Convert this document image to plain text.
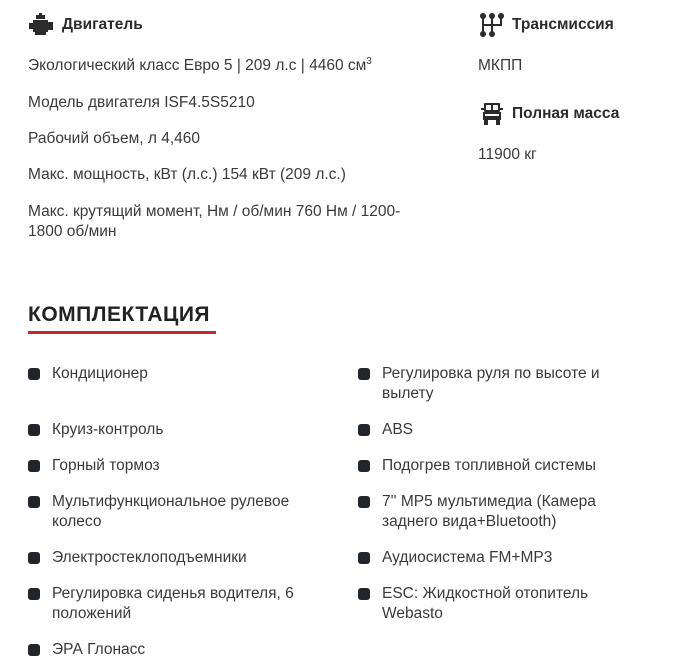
Двигатель
Экологический класс Евро 5 | 209 л.с | 4460 $см^3$
Модель двигателя ISF4.5S5210
Рабочий объем, л 4,460
Макс. мощность, кВт (л.с.) 154 кВт (209 л.с.)
Макс. крутящий момент, Нм / об/мин 760 Нм / 1200-
1800 об/мин
Трансмиссия
МКПП
Полная масса
11900 кг
КОМПЛЕКТАЦИЯ
Кондиционер
Круиз-контроль
Горный тормоз
Мультифункциональное рулевое
колесо
Электростеклоподъемники
Регулировка сиденья водителя, 6
положений
ЭРА Глонасс
Регулировка руля по высоте и
вылету
ABS
Подогрев топливной системы
7'' MP5 мультимедиа (Камера
заднего вида+Bluetooth)
Аудиосистема FM+MP3
ESC: Жидкостной отопитель
Webasto
